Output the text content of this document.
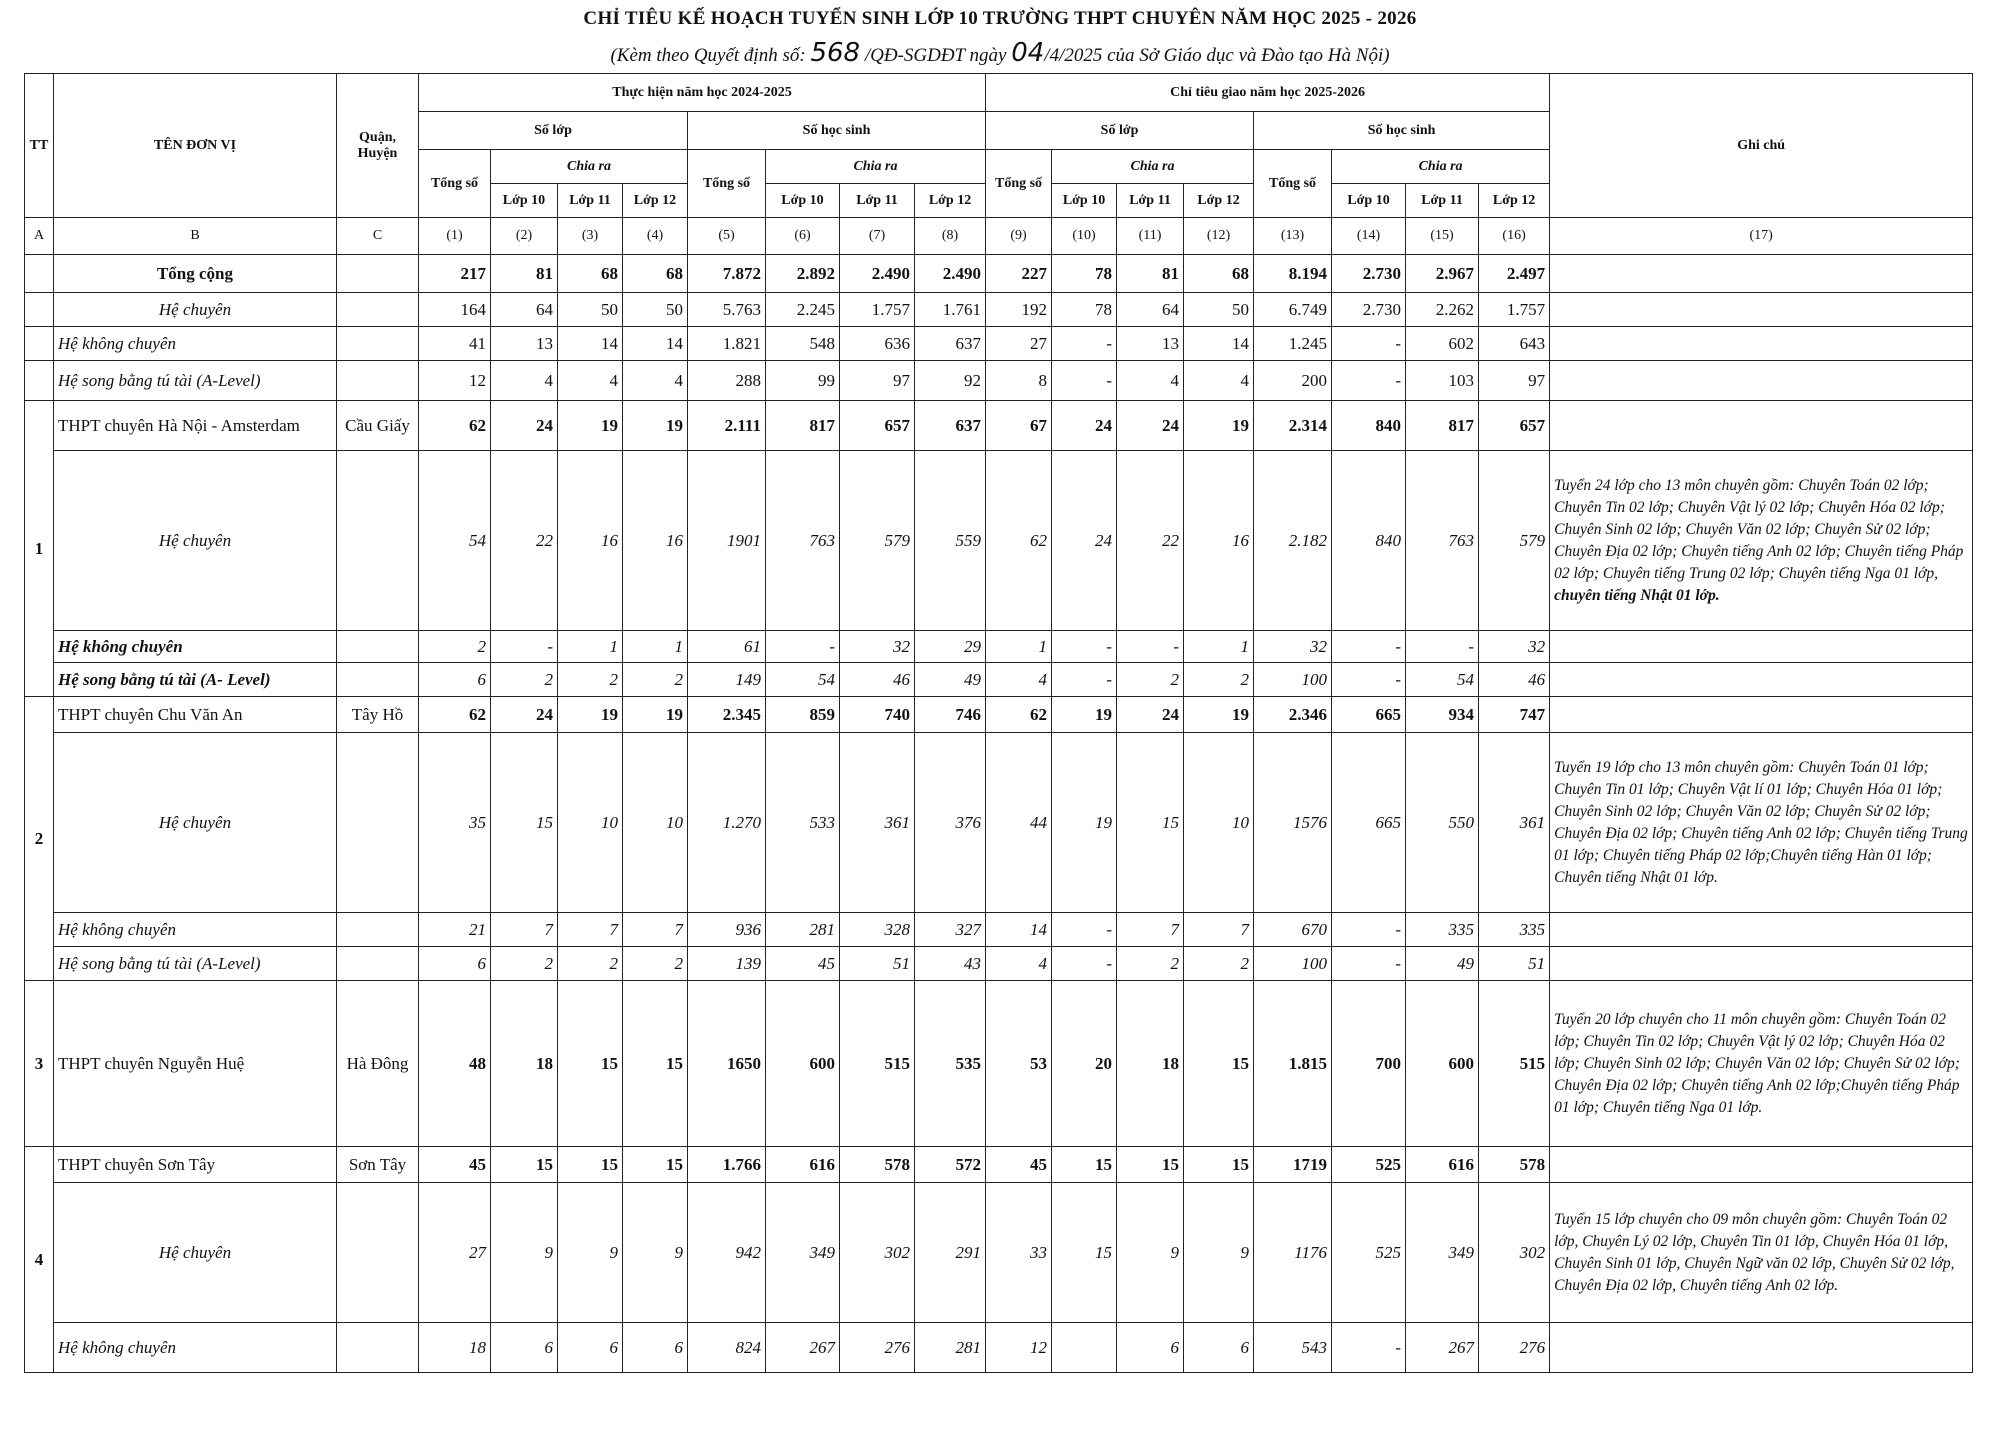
CHỈ TIÊU KẾ HOẠCH TUYỂN SINH LỚP 10 TRƯỜNG THPT CHUYÊN NĂM HỌC 2025 - 2026
(Kèm theo Quyết định số: 568 /QĐ-SGDĐT ngày 04/4/2025 của Sở Giáo dục và Đào tạo Hà Nội)
TT	TÊN ĐƠN VỊ	Quận, Huyện	Thực hiện năm học 2024-2025								Chỉ tiêu giao năm học 2025-2026								Ghi chú
			Số lớp				Số học sinh				Số lớp				Số học sinh				
			Tổng số	Chia ra			Tổng số	Chia ra			Tổng số	Chia ra			Tổng số	Chia ra			
				Lớp 10	Lớp 11	Lớp 12		Lớp 10	Lớp 11	Lớp 12		Lớp 10	Lớp 11	Lớp 12		Lớp 10	Lớp 11	Lớp 12	
A	B	C	(1)	(2)	(3)	(4)	(5)	(6)	(7)	(8)	(9)	(10)	(11)	(12)	(13)	(14)	(15)	(16)	(17)
	Tổng cộng		217	81	68	68	7.872	2.892	2.490	2.490	227	78	81	68	8.194	2.730	2.967	2.497	
	Hệ chuyên		164	64	50	50	5.763	2.245	1.757	1.761	192	78	64	50	6.749	2.730	2.262	1.757	
	Hệ không chuyên		41	13	14	14	1.821	548	636	637	27	-	13	14	1.245	-	602	643	
	Hệ song bằng tú tài (A-Level)		12	4	4	4	288	99	97	92	8	-	4	4	200	-	103	97	
1	THPT chuyên Hà Nội - Amsterdam	Cầu Giấy	62	24	19	19	2.111	817	657	637	67	24	24	19	2.314	840	817	657	
	Hệ chuyên		54	22	16	16	1901	763	579	559	62	24	22	16	2.182	840	763	579	Tuyển 24 lớp cho 13 môn chuyên gồm: Chuyên Toán 02 lớp; Chuyên Tin 02 lớp; Chuyên Vật lý 02 lớp; Chuyên Hóa 02 lớp; Chuyên Sinh 02 lớp; Chuyên Văn 02 lớp; Chuyên Sử 02 lớp; Chuyên Địa 02 lớp; Chuyên tiếng Anh 02 lớp; Chuyên tiếng Pháp 02 lớp; Chuyên tiếng Trung 02 lớp; Chuyên tiếng Nga 01 lớp, chuyên tiếng Nhật 01 lớp.
	Hệ không chuyên		2	-	1	1	61	-	32	29	1	-	-	1	32	-	-	32	
	Hệ song bằng tú tài (A- Level)		6	2	2	2	149	54	46	49	4	-	2	2	100	-	54	46	
2	THPT chuyên Chu Văn An	Tây Hồ	62	24	19	19	2.345	859	740	746	62	19	24	19	2.346	665	934	747	
	Hệ chuyên		35	15	10	10	1.270	533	361	376	44	19	15	10	1576	665	550	361	Tuyển 19 lớp cho 13 môn chuyên gồm: Chuyên Toán 01 lớp; Chuyên Tin 01 lớp; Chuyên Vật lí 01 lớp; Chuyên Hóa 01 lớp; Chuyên Sinh 02 lớp; Chuyên Văn 02 lớp; Chuyên Sử 02 lớp; Chuyên Địa 02 lớp; Chuyên tiếng Anh 02 lớp; Chuyên tiếng Trung 01 lớp; Chuyên tiếng Pháp 02 lớp;Chuyên tiếng Hàn 01 lớp; Chuyên tiếng Nhật 01 lớp.
	Hệ không chuyên		21	7	7	7	936	281	328	327	14	-	7	7	670	-	335	335	
	Hệ song bằng tú tài (A-Level)		6	2	2	2	139	45	51	43	4	-	2	2	100	-	49	51	
3	THPT chuyên Nguyễn Huệ	Hà Đông	48	18	15	15	1650	600	515	535	53	20	18	15	1.815	700	600	515	Tuyển 20 lớp chuyên cho 11 môn chuyên gồm: Chuyên Toán 02 lớp; Chuyên Tin 02 lớp; Chuyên Vật lý 02 lớp; Chuyên Hóa 02 lớp; Chuyên Sinh 02 lớp; Chuyên Văn 02 lớp; Chuyên Sử 02 lớp; Chuyên Địa 02 lớp; Chuyên tiếng Anh 02 lớp;Chuyên tiếng Pháp 01 lớp; Chuyên tiếng Nga 01 lớp.
4	THPT chuyên Sơn Tây	Sơn Tây	45	15	15	15	1.766	616	578	572	45	15	15	15	1719	525	616	578	
	Hệ chuyên		27	9	9	9	942	349	302	291	33	15	9	9	1176	525	349	302	Tuyển 15 lớp chuyên cho 09 môn chuyên gồm: Chuyên Toán 02 lớp, Chuyên Lý 02 lớp, Chuyên Tin 01 lớp, Chuyên Hóa 01 lớp, Chuyên Sinh 01 lớp, Chuyên Ngữ văn 02 lớp, Chuyên Sử 02 lớp, Chuyên Địa 02 lớp, Chuyên tiếng Anh 02 lớp.
	Hệ không chuyên		18	6	6	6	824	267	276	281	12		6	6	543	-	267	276	
